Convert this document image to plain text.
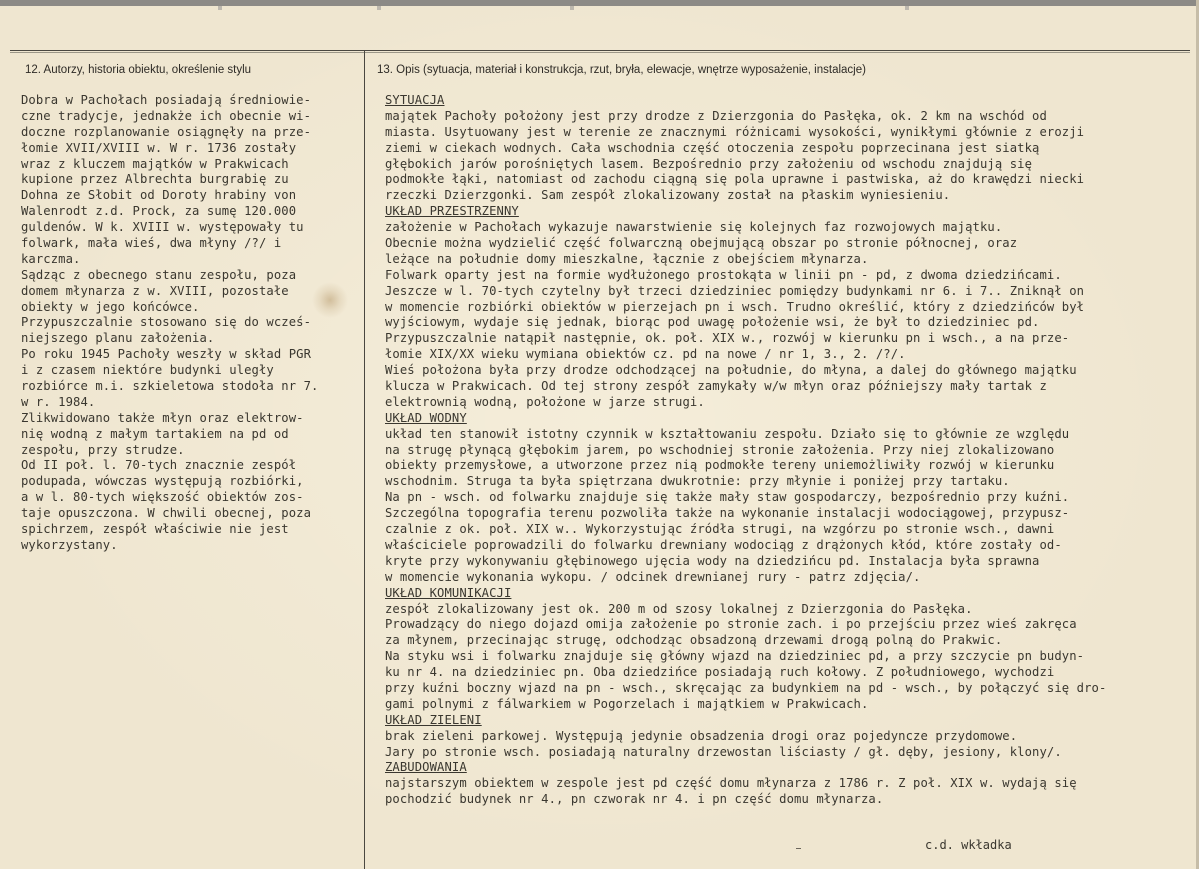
12. Autorzy, historia obiektu, określenie stylu	13. Opis (sytuacja, materiał i konstrukcja, rzut, bryła, elewacje, wnętrze wyposażenie, instalacje)
Dobra w Pachołach posiadają średniowie-
czne tradycje, jednakże ich obecnie wi-
doczne rozplanowanie osiągnęły na prze-
łomie XVII/XVIII w. W r. 1736 zostały
wraz z kluczem majątków w Prakwicach
kupione przez Albrechta burgrabię zu
Dohna ze Słobit od Doroty hrabiny von
Walenrodt z.d. Prock, za sumę 120.000
guldenów. W k. XVIII w. występowały tu
folwark, mała wieś, dwa młyny /?/ i
karczma.
Sądząc z obecnego stanu zespołu, poza
domem młynarza z w. XVIII, pozostałe
obiekty w jego końcówce.
Przypuszczalnie stosowano się do wcześ-
niejszego planu założenia.
Po roku 1945 Pachoły weszły w skład PGR
i z czasem niektóre budynki uległy
rozbiórce m.i. szkieletowa stodoła nr 7.
w r. 1984.
Zlikwidowano także młyn oraz elektrow-
nię wodną z małym tartakiem na pd od
zespołu, przy strudze.
Od II poł. l. 70-tych znacznie zespół
podupada, wówczas występują rozbiórki,
a w l. 80-tych większość obiektów zos-
taje opuszczona. W chwili obecnej, poza
spichrzem, zespół właściwie nie jest
wykorzystany.
SYTUACJA
majątek Pachoły położony jest przy drodze z Dzierzgonia do Pasłęka, ok. 2 km na wschód od
miasta. Usytuowany jest w terenie ze znacznymi różnicami wysokości, wynikłymi głównie z erozji
ziemi w ciekach wodnych. Cała wschodnia część otoczenia zespołu poprzecinana jest siatką
głębokich jarów porośniętych lasem. Bezpośrednio przy założeniu od wschodu znajdują się
podmokłe łąki, natomiast od zachodu ciągną się pola uprawne i pastwiska, aż do krawędzi niecki
rzeczki Dzierzgonki. Sam zespół zlokalizowany został na płaskim wyniesieniu.
UKŁAD PRZESTRZENNY
założenie w Pachołach wykazuje nawarstwienie się kolejnych faz rozwojowych majątku.
Obecnie można wydzielić część folwarczną obejmującą obszar po stronie północnej, oraz
leżące na południe domy mieszkalne, łącznie z obejściem młynarza.
Folwark oparty jest na formie wydłużonego prostokąta w linii pn - pd, z dwoma dziedzińcami.
Jeszcze w l. 70-tych czytelny był trzeci dziedziniec pomiędzy budynkami nr 6. i 7.. Zniknął on
w momencie rozbiórki obiektów w pierzejach pn i wsch. Trudno określić, który z dziedzińców był
wyjściowym, wydaje się jednak, biorąc pod uwagę położenie wsi, że był to dziedziniec pd.
Przypuszczalnie natąpił następnie, ok. poł. XIX w., rozwój w kierunku pn i wsch., a na prze-
łomie XIX/XX wieku wymiana obiektów cz. pd na nowe / nr 1, 3., 2. /?/.
Wieś położona była przy drodze odchodzącej na południe, do młyna, a dalej do głównego majątku
klucza w Prakwicach. Od tej strony zespół zamykały w/w młyn oraz późniejszy mały tartak z
elektrownią wodną, położone w jarze strugi.
UKŁAD WODNY
układ ten stanowił istotny czynnik w kształtowaniu zespołu. Działo się to głównie ze względu
na strugę płynącą głębokim jarem, po wschodniej stronie założenia. Przy niej zlokalizowano
obiekty przemysłowe, a utworzone przez nią podmokłe tereny uniemożliwiły rozwój w kierunku
wschodnim. Struga ta była spiętrzana dwukrotnie: przy młynie i poniżej przy tartaku.
Na pn - wsch. od folwarku znajduje się także mały staw gospodarczy, bezpośrednio przy kuźni.
Szczególna topografia terenu pozwoliła także na wykonanie instalacji wodociągowej, przypusz-
czalnie z ok. poł. XIX w.. Wykorzystując źródła strugi, na wzgórzu po stronie wsch., dawni
właściciele poprowadzili do folwarku drewniany wodociąg z drążonych kłód, które zostały od-
kryte przy wykonywaniu głębinowego ujęcia wody na dziedzińcu pd. Instalacja była sprawna
w momencie wykonania wykopu. / odcinek drewnianej rury - patrz zdjęcia/.
UKŁAD KOMUNIKACJI
zespół zlokalizowany jest ok. 200 m od szosy lokalnej z Dzierzgonia do Pasłęka.
Prowadzący do niego dojazd omija założenie po stronie zach. i po przejściu przez wieś zakręca
za młynem, przecinając strugę, odchodząc obsadzoną drzewami drogą polną do Prakwic.
Na styku wsi i folwarku znajduje się główny wjazd na dziedziniec pd, a przy szczycie pn budyn-
ku nr 4. na dziedziniec pn. Oba dziedzińce posiadają ruch kołowy. Z południowego, wychodzi
przy kuźni boczny wjazd na pn - wsch., skręcając za budynkiem na pd - wsch., by połączyć się dro-
gami polnymi z fálwarkiem w Pogorzelach i majątkiem w Prakwicach.
UKŁAD ZIELENI
brak zieleni parkowej. Występują jedynie obsadzenia drogi oraz pojedyncze przydomowe.
Jary po stronie wsch. posiadają naturalny drzewostan liściasty / gł. dęby, jesiony, klony/.
ZABUDOWANIA
najstarszym obiektem w zespole jest pd część domu młynarza z 1786 r. Z poł. XIX w. wydają się
pochodzić budynek nr 4., pn czworak nr 4. i pn część domu młynarza.
c.d. wkładka
